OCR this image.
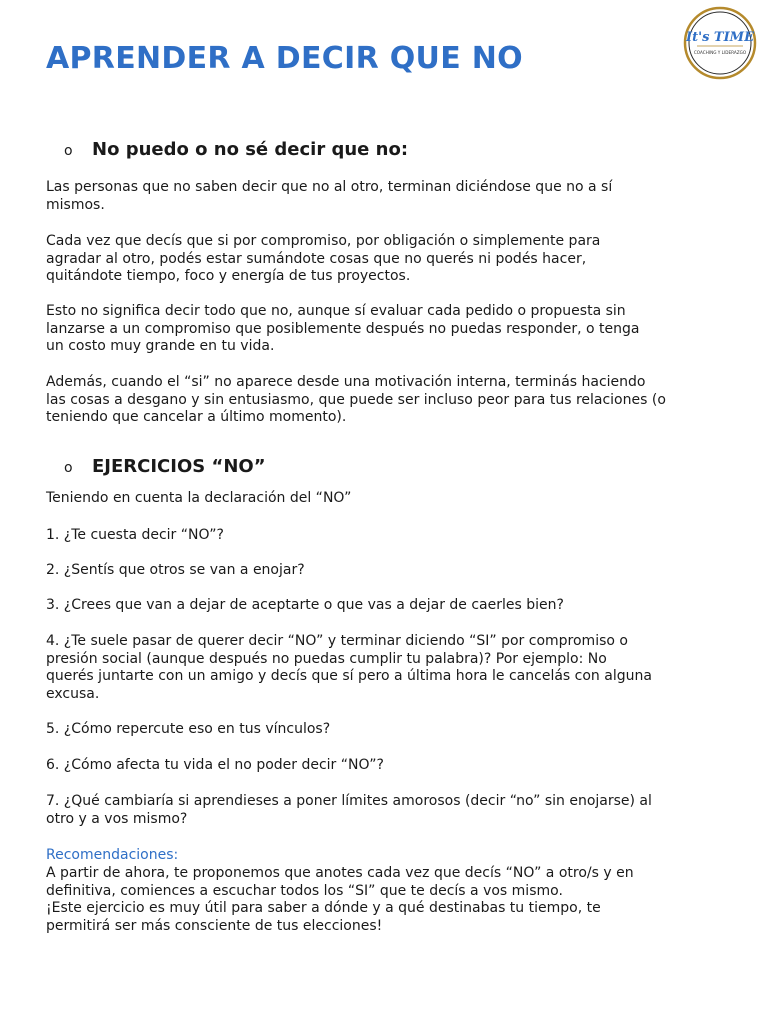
APRENDER A DECIR QUE NO
It's TIME
COACHING Y LIDERAZGO
o No puedo o no sé decir que no:
Las personas que no saben decir que no al otro, terminan diciéndose que no a sí
mismos.
Cada vez que decís que si por compromiso, por obligación o simplemente para
agradar al otro, podés estar sumándote cosas que no querés ni podés hacer,
quitándote tiempo, foco y energía de tus proyectos.
Esto no significa decir todo que no, aunque sí evaluar cada pedido o propuesta sin
lanzarse a un compromiso que posiblemente después no puedas responder, o tenga
un costo muy grande en tu vida.
Además, cuando el “si” no aparece desde una motivación interna, terminás haciendo
las cosas a desgano y sin entusiasmo, que puede ser incluso peor para tus relaciones (o
teniendo que cancelar a último momento).
o EJERCICIOS “NO”
Teniendo en cuenta la declaración del “NO”
1. ¿Te cuesta decir “NO”?
2. ¿Sentís que otros se van a enojar?
3. ¿Crees que van a dejar de aceptarte o que vas a dejar de caerles bien?
4. ¿Te suele pasar de querer decir “NO” y terminar diciendo “SI” por compromiso o
presión social (aunque después no puedas cumplir tu palabra)? Por ejemplo: No
querés juntarte con un amigo y decís que sí pero a última hora le cancelás con alguna
excusa.
5. ¿Cómo repercute eso en tus vínculos?
6. ¿Cómo afecta tu vida el no poder decir “NO”?
7. ¿Qué cambiaría si aprendieses a poner límites amorosos (decir “no” sin enojarse) al
otro y a vos mismo?
Recomendaciones:
A partir de ahora, te proponemos que anotes cada vez que decís “NO” a otro/s y en
definitiva, comiences a escuchar todos los “SI” que te decís a vos mismo.
¡Este ejercicio es muy útil para saber a dónde y a qué destinabas tu tiempo, te
permitirá ser más consciente de tus elecciones!
